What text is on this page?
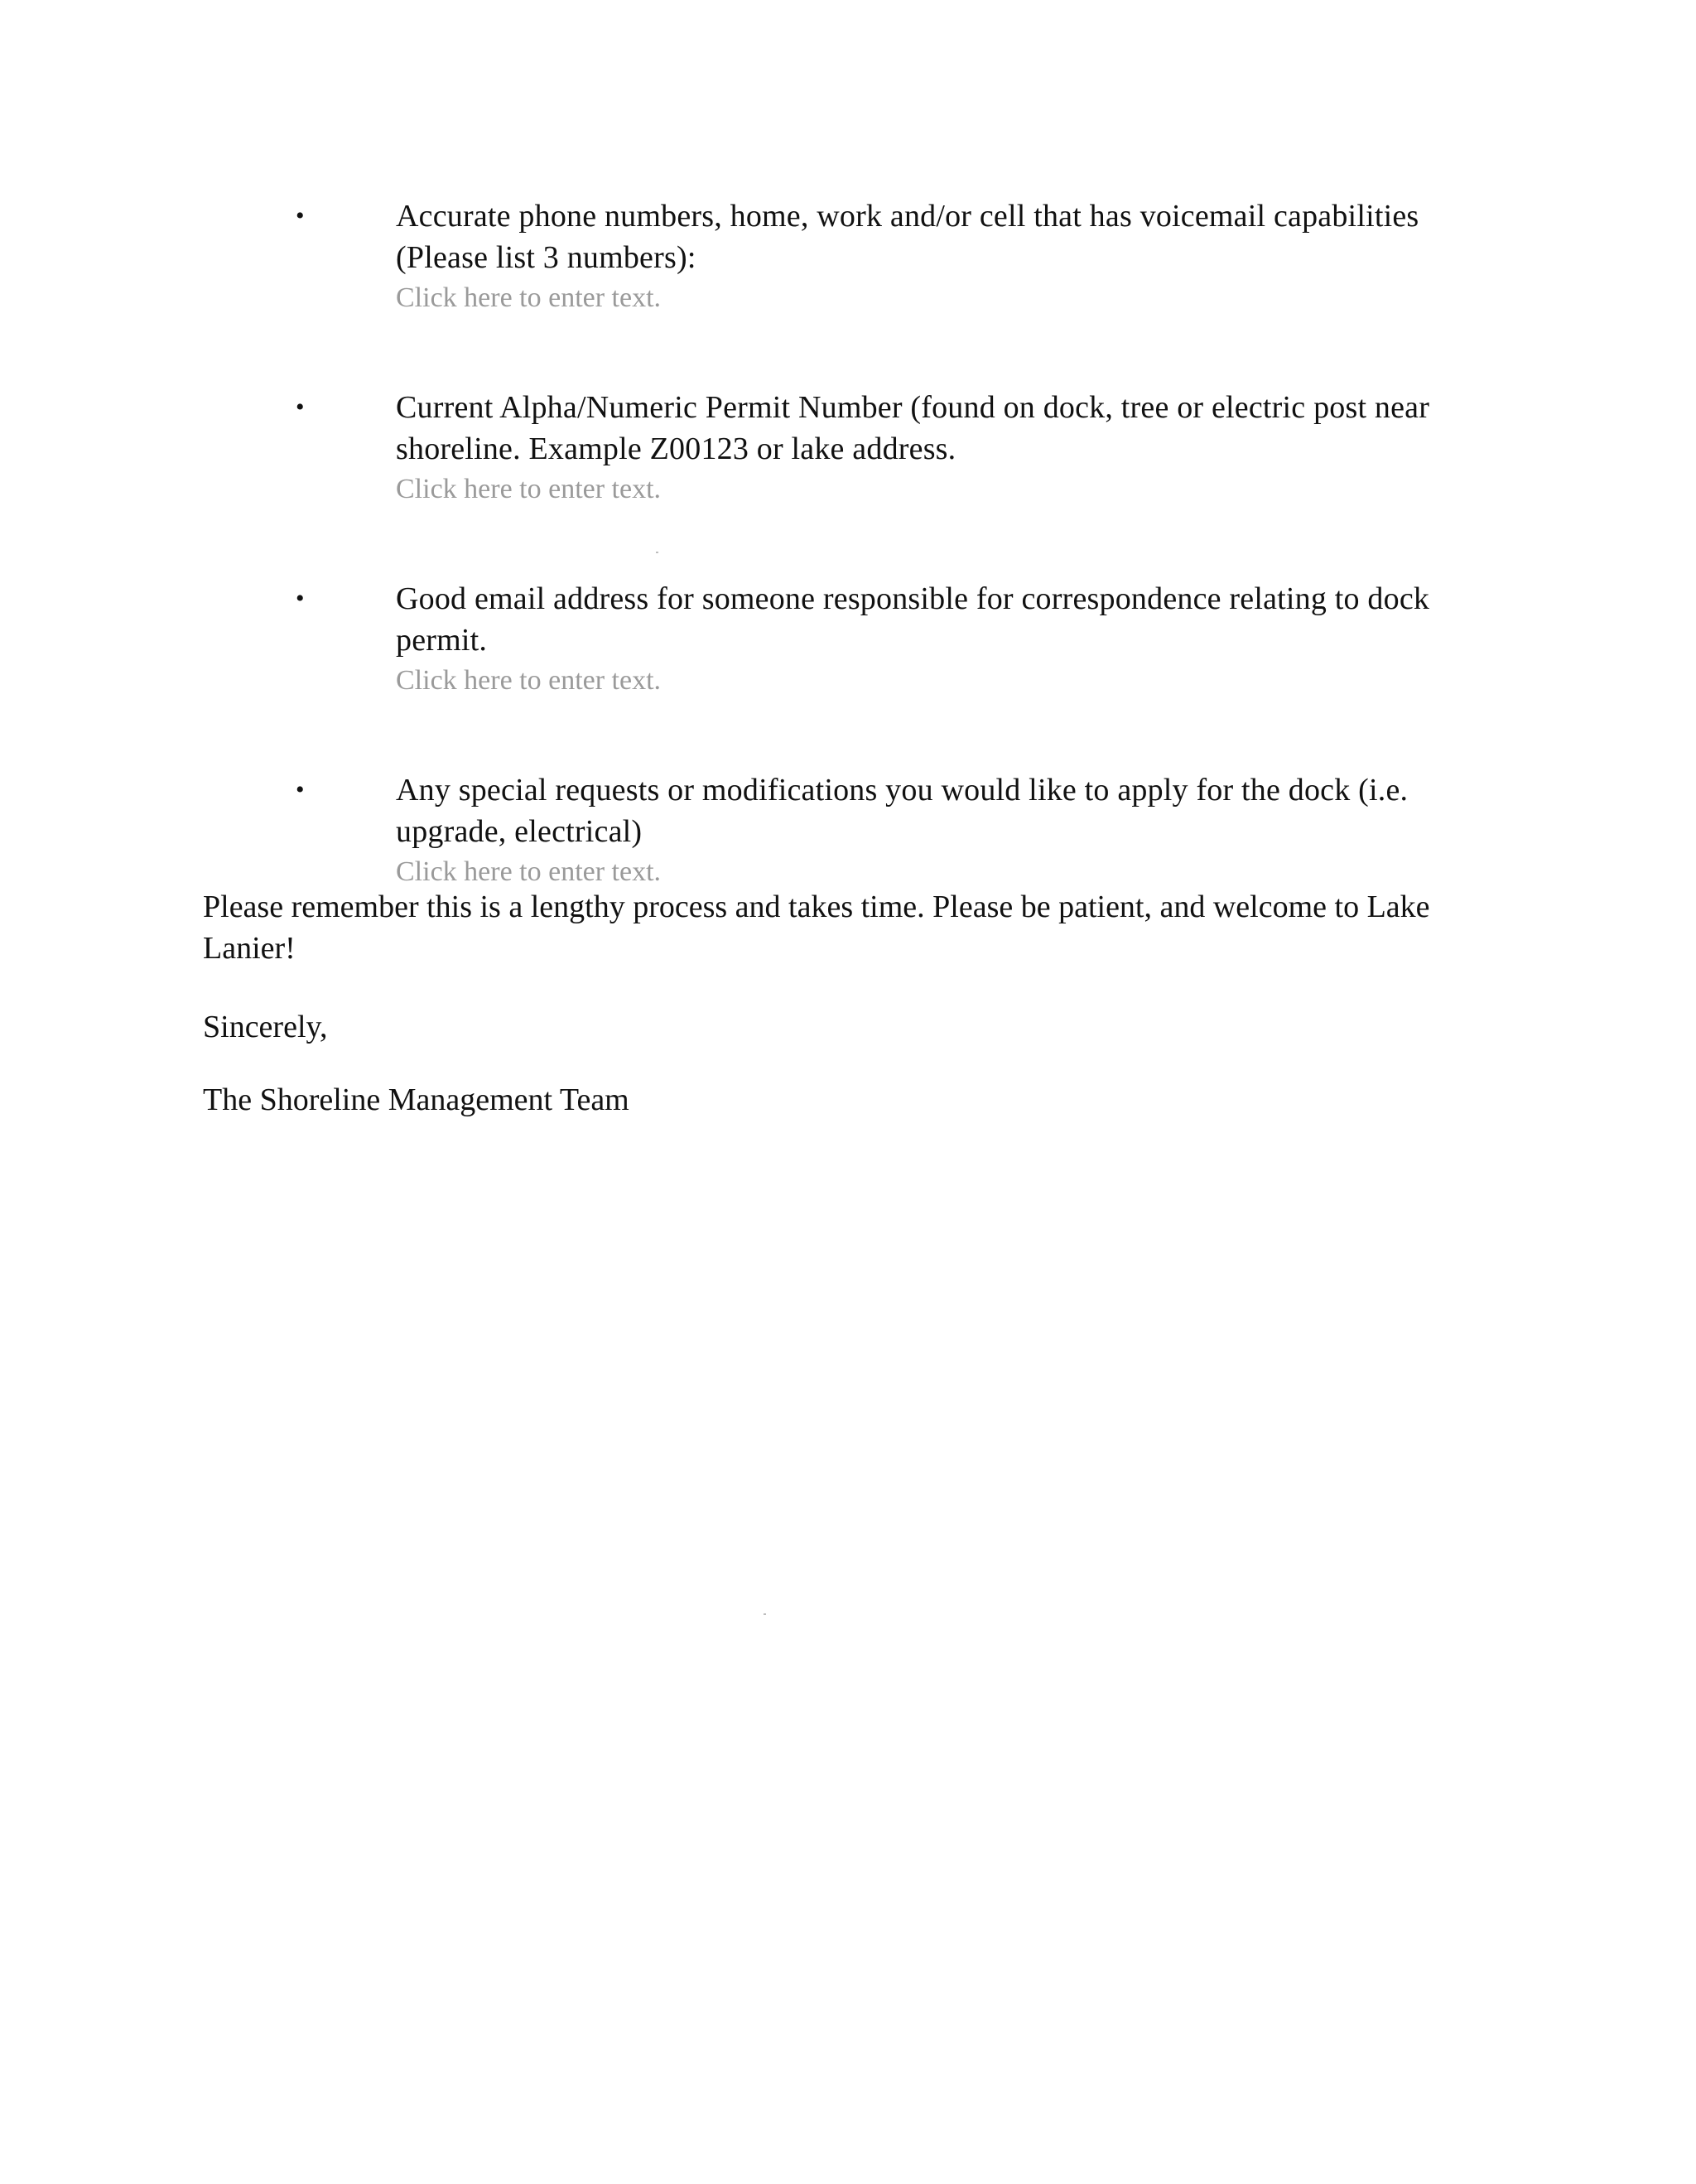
•	Accurate phone numbers, home, work and/or cell that has voicemail capabilities (Please list 3 numbers):
Click here to enter text.
•	Current Alpha/Numeric Permit Number (found on dock, tree or electric post near shoreline. Example Z00123 or lake address.
Click here to enter text.
•	Good email address for someone responsible for correspondence relating to dock permit.
Click here to enter text.
•	Any special requests or modifications you would like to apply for the dock (i.e. upgrade, electrical)
Click here to enter text.

Please remember this is a lengthy process and takes time. Please be patient, and welcome to Lake Lanier!

Sincerely,

The Shoreline Management Team
